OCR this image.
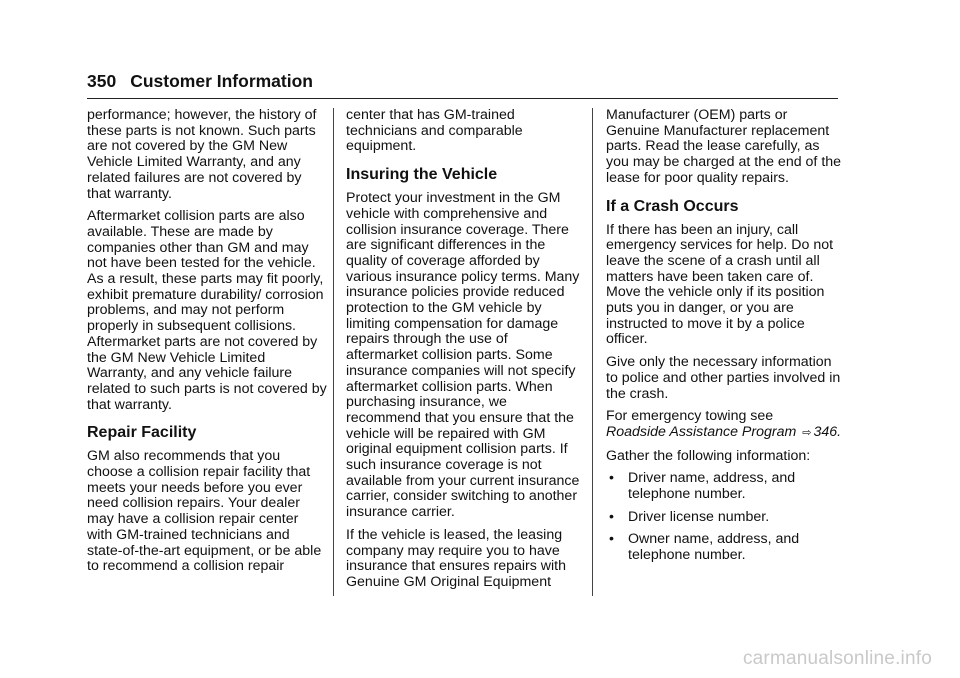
350 Customer Information

performance; however, the history of these parts is not known. Such parts are not covered by the GM New Vehicle Limited Warranty, and any related failures are not covered by that warranty.

Aftermarket collision parts are also available. These are made by companies other than GM and may not have been tested for the vehicle. As a result, these parts may fit poorly, exhibit premature durability/ corrosion problems, and may not perform properly in subsequent collisions. Aftermarket parts are not covered by the GM New Vehicle Limited Warranty, and any vehicle failure related to such parts is not covered by that warranty.

Repair Facility

GM also recommends that you choose a collision repair facility that meets your needs before you ever need collision repairs. Your dealer may have a collision repair center with GM-trained technicians and state-of-the-art equipment, or be able to recommend a collision repair

center that has GM-trained technicians and comparable equipment.

Insuring the Vehicle

Protect your investment in the GM vehicle with comprehensive and collision insurance coverage. There are significant differences in the quality of coverage afforded by various insurance policy terms. Many insurance policies provide reduced protection to the GM vehicle by limiting compensation for damage repairs through the use of aftermarket collision parts. Some insurance companies will not specify aftermarket collision parts. When purchasing insurance, we recommend that you ensure that the vehicle will be repaired with GM original equipment collision parts. If such insurance coverage is not available from your current insurance carrier, consider switching to another insurance carrier.

If the vehicle is leased, the leasing company may require you to have insurance that ensures repairs with Genuine GM Original Equipment

Manufacturer (OEM) parts or Genuine Manufacturer replacement parts. Read the lease carefully, as you may be charged at the end of the lease for poor quality repairs.

If a Crash Occurs

If there has been an injury, call emergency services for help. Do not leave the scene of a crash until all matters have been taken care of. Move the vehicle only if its position puts you in danger, or you are instructed to move it by a police officer.

Give only the necessary information to police and other parties involved in the crash.

For emergency towing see
Roadside Assistance Program ⇨ 346.

Gather the following information:

• Driver name, address, and telephone number.
• Driver license number.
• Owner name, address, and telephone number.
carmanualsonline.info
